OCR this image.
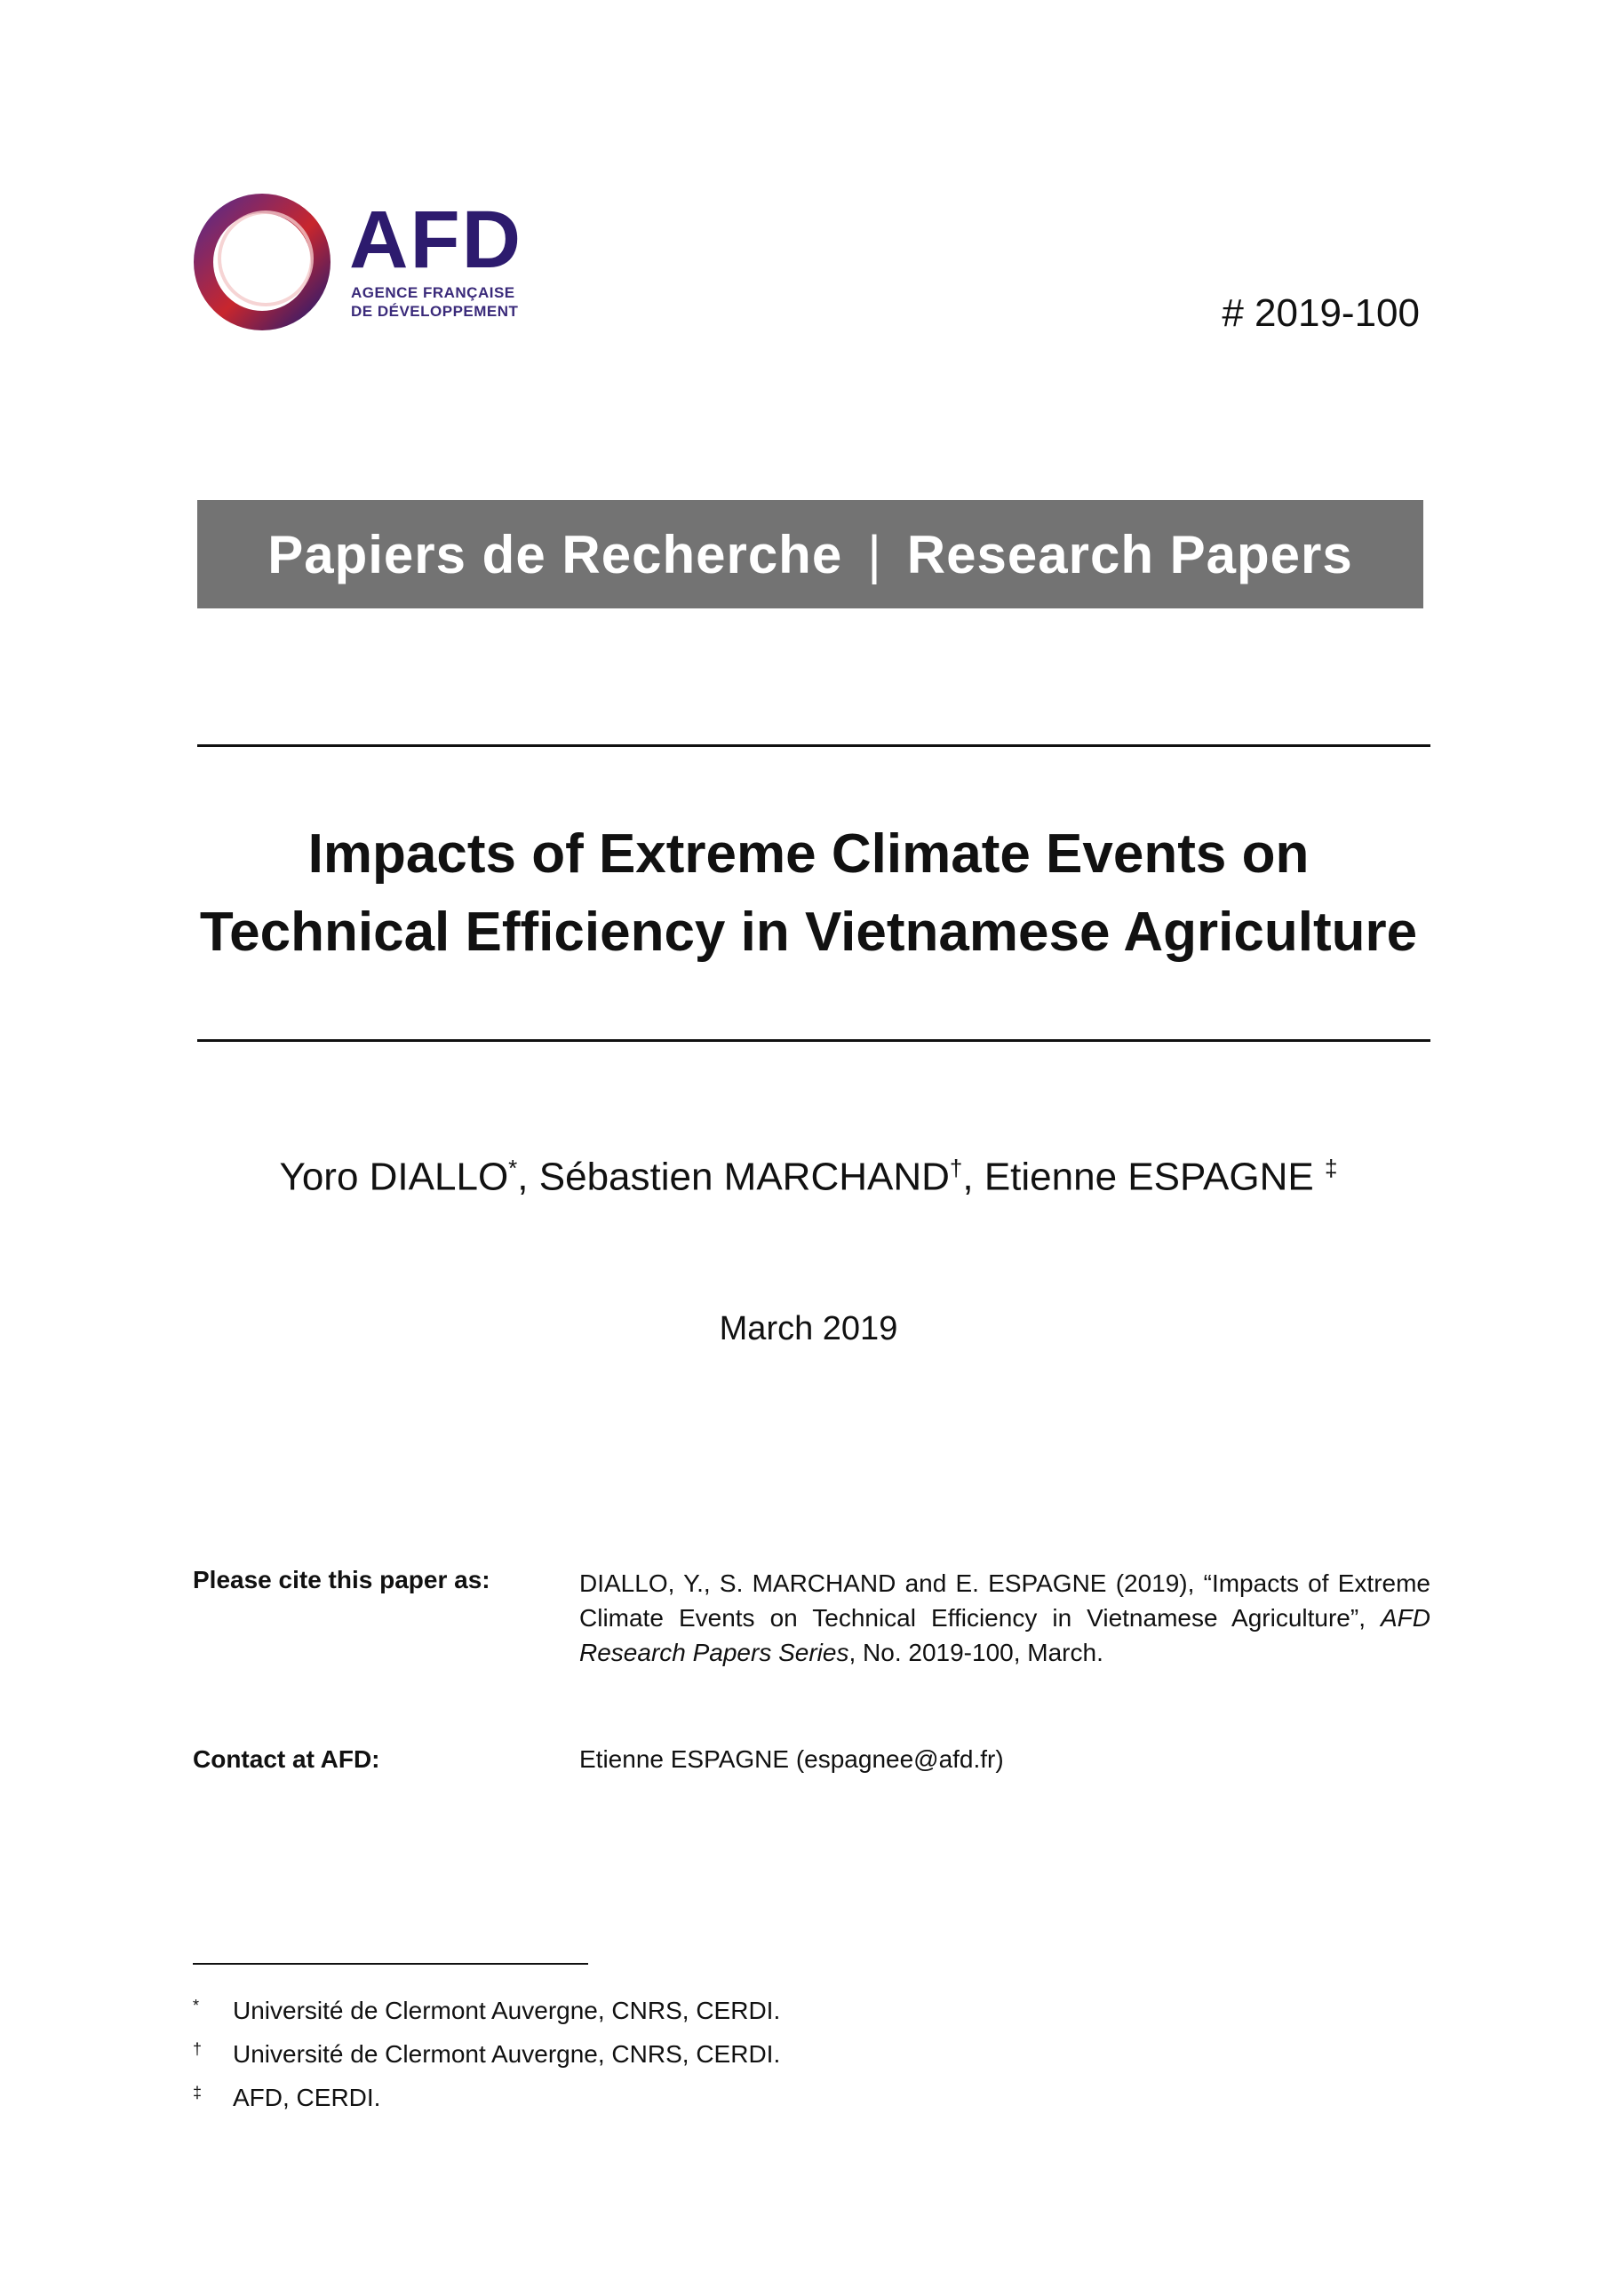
AFD
AGENCE FRANÇAISE
DE DÉVELOPPEMENT	# 2019-100
Papiers de Recherche | Research Papers
Impacts of Extreme Climate Events on
Technical Efficiency in Vietnamese Agriculture
Yoro DIALLO*, Sébastien MARCHAND†, Etienne ESPAGNE ‡
March 2019
Please cite this paper as:	DIALLO, Y., S. MARCHAND and E. ESPAGNE (2019), “Impacts of Extreme Climate Events on Technical Efficiency in Vietnamese Agriculture”, AFD Research Papers Series, No. 2019-100, March.
Contact at AFD:	Etienne ESPAGNE (espagnee@afd.fr)
* Université de Clermont Auvergne, CNRS, CERDI.
† Université de Clermont Auvergne, CNRS, CERDI.
‡ AFD, CERDI.
